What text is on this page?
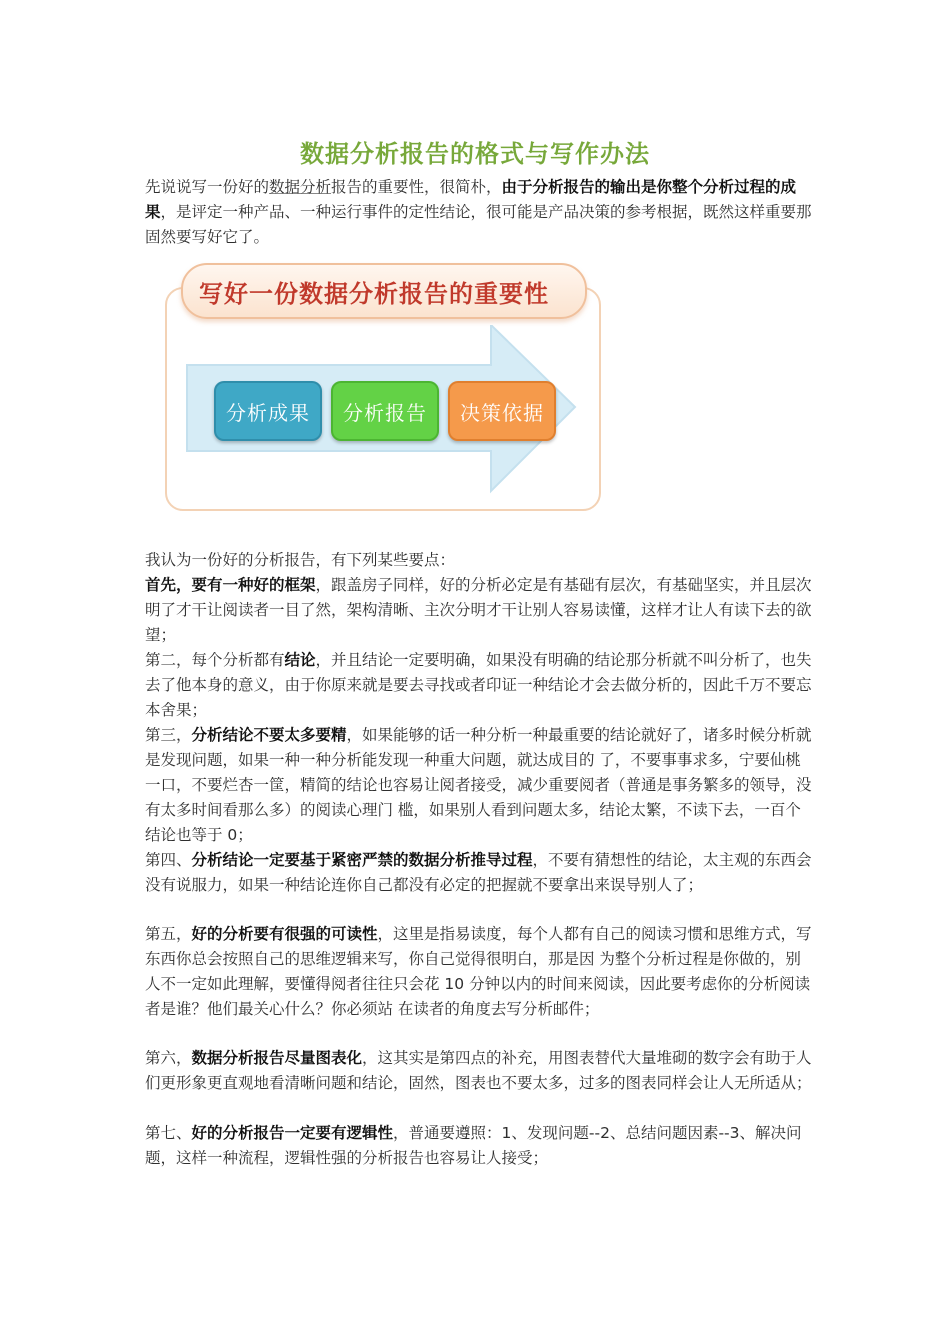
数据分析报告的格式与写作办法
先说说写一份好的数据分析报告的重要性，很简朴，由于分析报告的输出是你整个分析过程的成果，是评定一种产品、一种运行事件的定性结论，很可能是产品决策的参考根据，既然这样重要那固然要写好它了。
写好一份数据分析报告的重要性
分析成果	分析报告	决策依据
我认为一份好的分析报告，有下列某些要点：
首先，要有一种好的框架，跟盖房子同样，好的分析必定是有基础有层次，有基础坚实，并且层次明了才干让阅读者一目了然，架构清晰、主次分明才干让别人容易读懂，这样才让人有读下去的欲望；
第二，每个分析都有结论，并且结论一定要明确，如果没有明确的结论那分析就不叫分析了，也失去了他本身的意义，由于你原来就是要去寻找或者印证一种结论才会去做分析的，因此千万不要忘本舍果；
第三，分析结论不要太多要精，如果能够的话一种分析一种最重要的结论就好了，诸多时候分析就是发现问题，如果一种一种分析能发现一种重大问题，就达成目的 了，不要事事求多，宁要仙桃一口，不要烂杏一筐，精简的结论也容易让阅者接受，减少重要阅者（普通是事务繁多的领导，没有太多时间看那么多）的阅读心理门 槛，如果别人看到问题太多，结论太繁，不读下去，一百个结论也等于 0；
第四、分析结论一定要基于紧密严禁的数据分析推导过程，不要有猜想性的结论，太主观的东西会没有说服力，如果一种结论连你自己都没有必定的把握就不要拿出来误导别人了；
第五，好的分析要有很强的可读性，这里是指易读度，每个人都有自己的阅读习惯和思维方式，写东西你总会按照自己的思维逻辑来写，你自己觉得很明白，那是因 为整个分析过程是你做的，别人不一定如此理解，要懂得阅者往往只会花 10 分钟以内的时间来阅读，因此要考虑你的分析阅读者是谁？他们最关心什么？你必须站 在读者的角度去写分析邮件；
第六，数据分析报告尽量图表化，这其实是第四点的补充，用图表替代大量堆砌的数字会有助于人们更形象更直观地看清晰问题和结论，固然，图表也不要太多，过多的图表同样会让人无所适从；
第七、好的分析报告一定要有逻辑性，普通要遵照：1、发现问题--2、总结问题因素--3、解决问题，这样一种流程，逻辑性强的分析报告也容易让人接受；
